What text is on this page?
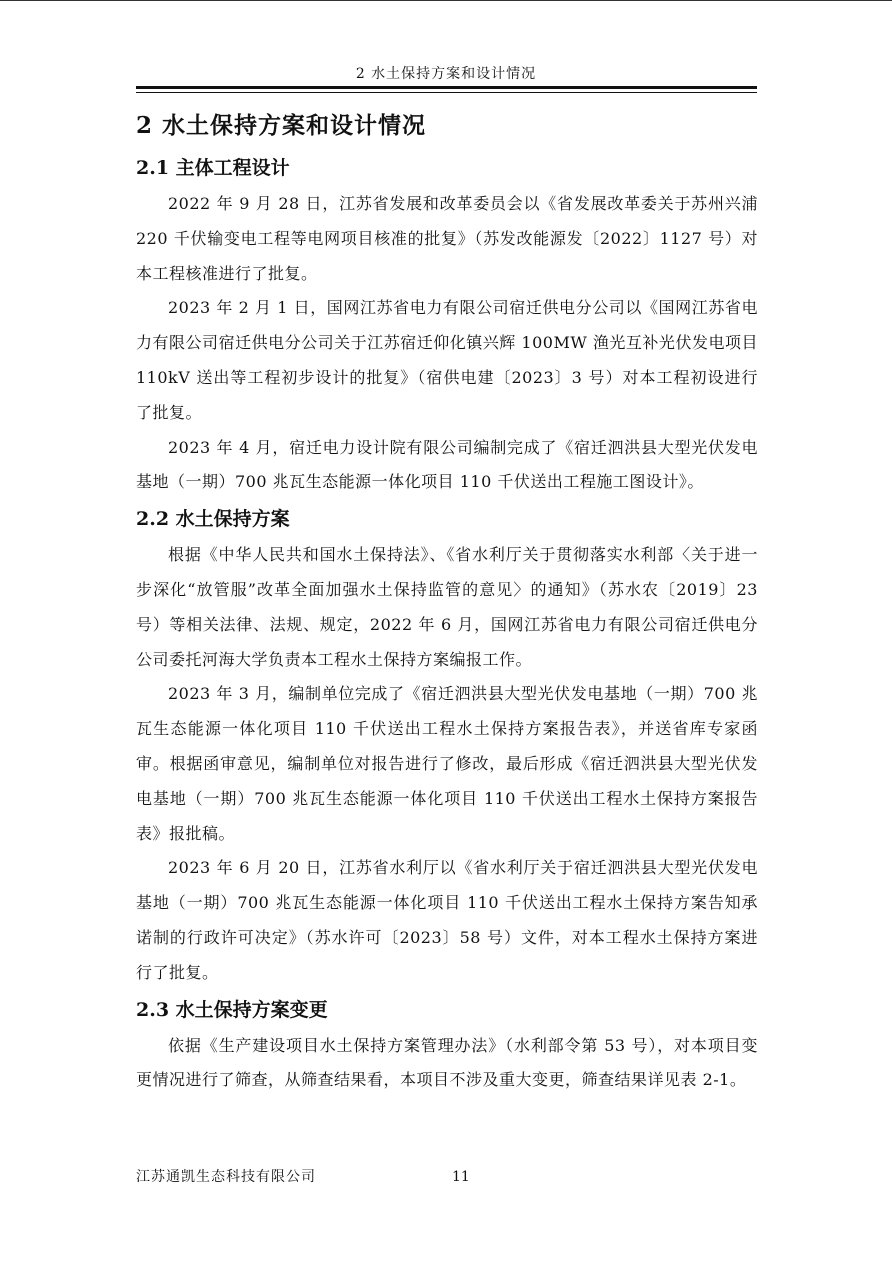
2 水土保持方案和设计情况
2 水土保持方案和设计情况
2.1 主体工程设计

2022 年 9 月 28 日，江苏省发展和改革委员会以《省发展改革委关于苏州兴浦 220 千伏输变电工程等电网项目核准的批复》（苏发改能源发〔2022〕1127 号）对本工程核准进行了批复。

2023 年 2 月 1 日，国网江苏省电力有限公司宿迁供电分公司以《国网江苏省电力有限公司宿迁供电分公司关于江苏宿迁仰化镇兴辉 100MW 渔光互补光伏发电项目 110kV 送出等工程初步设计的批复》（宿供电建〔2023〕3 号）对本工程初设进行了批复。

2023 年 4 月，宿迁电力设计院有限公司编制完成了《宿迁泗洪县大型光伏发电基地（一期）700 兆瓦生态能源一体化项目 110 千伏送出工程施工图设计》。

2.2 水土保持方案

根据《中华人民共和国水土保持法》、《省水利厅关于贯彻落实水利部〈关于进一步深化“放管服”改革全面加强水土保持监管的意见〉的通知》（苏水农〔2019〕23 号）等相关法律、法规、规定，2022 年 6 月，国网江苏省电力有限公司宿迁供电分公司委托河海大学负责本工程水土保持方案编报工作。

2023 年 3 月，编制单位完成了《宿迁泗洪县大型光伏发电基地（一期）700 兆瓦生态能源一体化项目 110 千伏送出工程水土保持方案报告表》，并送省库专家函审。根据函审意见，编制单位对报告进行了修改，最后形成《宿迁泗洪县大型光伏发电基地（一期）700 兆瓦生态能源一体化项目 110 千伏送出工程水土保持方案报告表》报批稿。

2023 年 6 月 20 日，江苏省水利厅以《省水利厅关于宿迁泗洪县大型光伏发电基地（一期）700 兆瓦生态能源一体化项目 110 千伏送出工程水土保持方案告知承诺制的行政许可决定》（苏水许可〔2023〕58 号）文件，对本工程水土保持方案进行了批复。

2.3 水土保持方案变更

依据《生产建设项目水土保持方案管理办法》（水利部令第 53 号），对本项目变更情况进行了筛查，从筛查结果看，本项目不涉及重大变更，筛查结果详见表 2-1。

江苏通凯生态科技有限公司	11
